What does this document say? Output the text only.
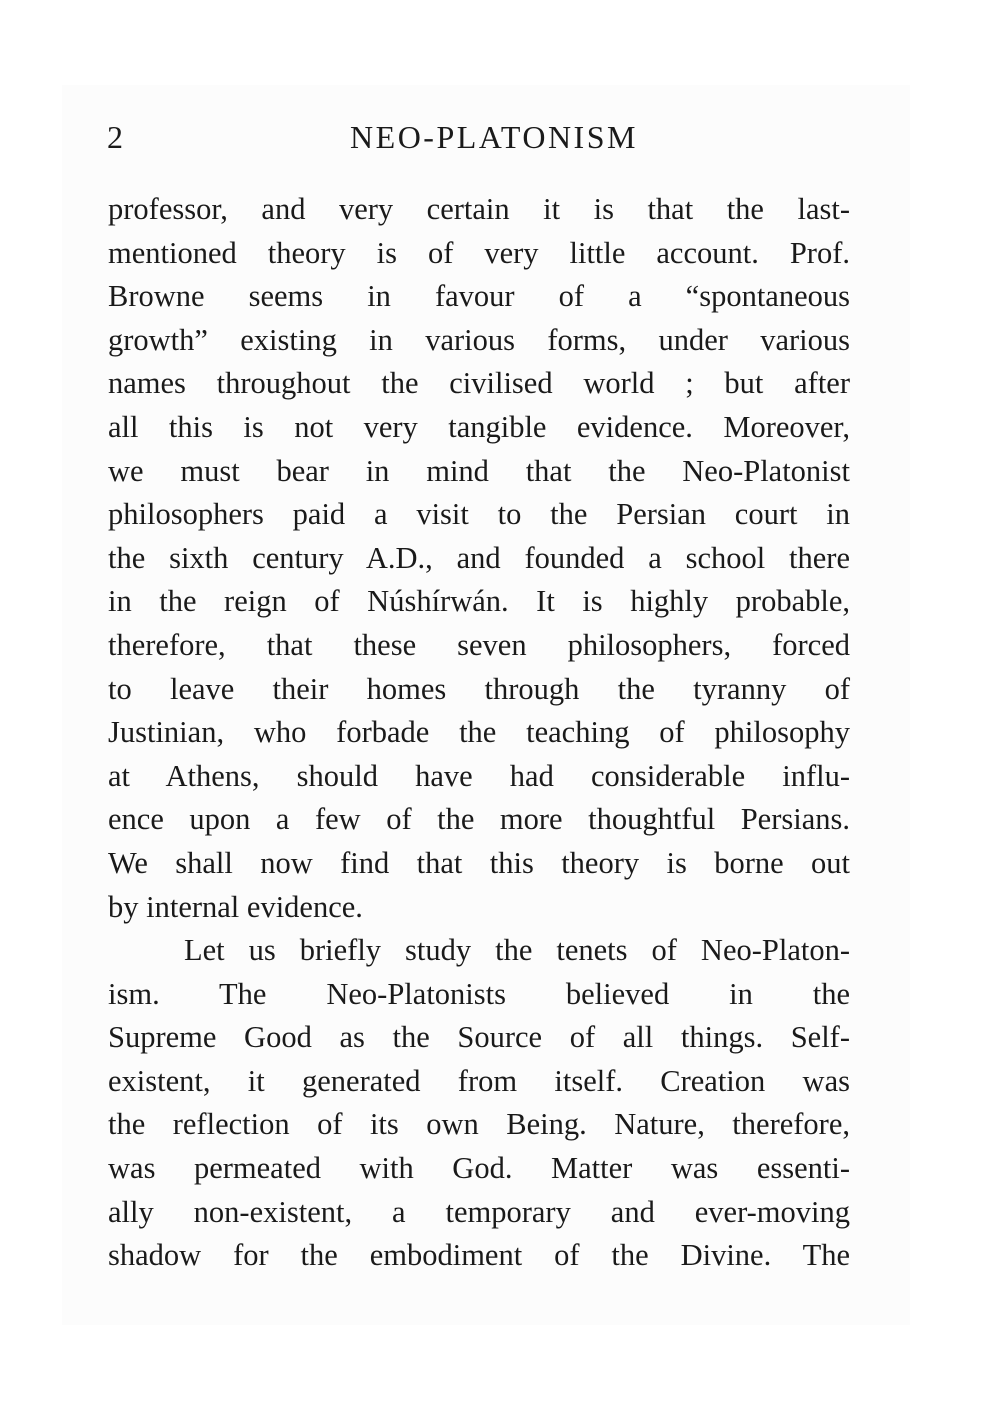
2	NEO-PLATONISM
professor, and very certain it is that the last-
mentioned theory is of very little account. Prof.
Browne seems in favour of a “spontaneous
growth” existing in various forms, under various
names throughout the civilised world ; but after
all this is not very tangible evidence. Moreover,
we must bear in mind that the Neo-Platonist
philosophers paid a visit to the Persian court in
the sixth century A.D., and founded a school there
in the reign of Núshírwán. It is highly probable,
therefore, that these seven philosophers, forced
to leave their homes through the tyranny of
Justinian, who forbade the teaching of philosophy
at Athens, should have had considerable influ-
ence upon a few of the more thoughtful Persians.
We shall now find that this theory is borne out
by internal evidence.
Let us briefly study the tenets of Neo-Platon-
ism. The Neo-Platonists believed in the
Supreme Good as the Source of all things. Self-
existent, it generated from itself. Creation was
the reflection of its own Being. Nature, therefore,
was permeated with God. Matter was essenti-
ally non-existent, a temporary and ever-moving
shadow for the embodiment of the Divine. The
